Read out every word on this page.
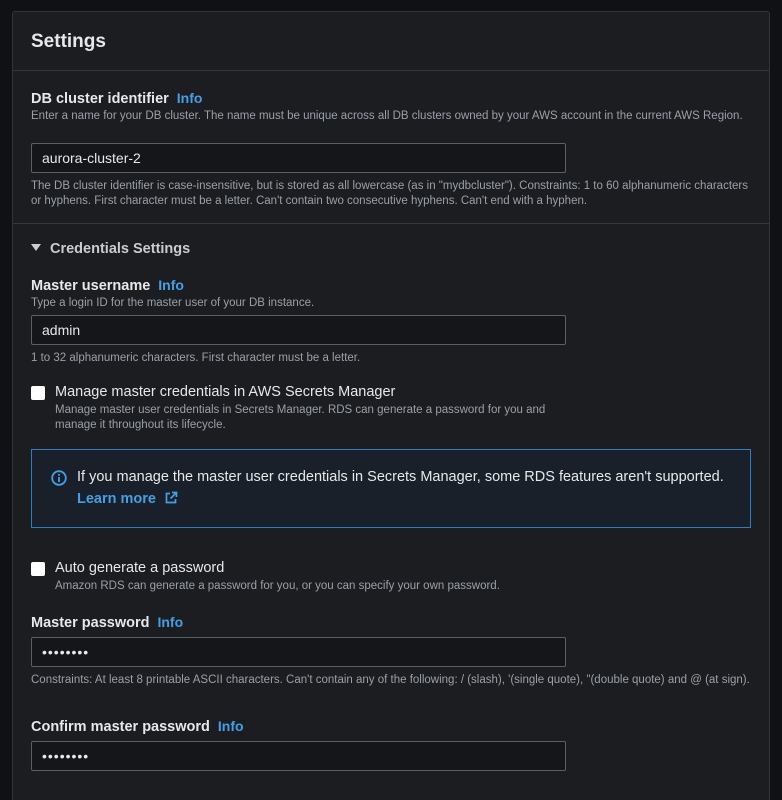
Settings
DB cluster identifier Info
Enter a name for your DB cluster. The name must be unique across all DB clusters owned by your AWS account in the current AWS Region.
aurora-cluster-2
The DB cluster identifier is case-insensitive, but is stored as all lowercase (as in "mydbcluster"). Constraints: 1 to 60 alphanumeric characters or hyphens. First character must be a letter. Can't contain two consecutive hyphens. Can't end with a hyphen.
Credentials Settings
Master username Info
Type a login ID for the master user of your DB instance.
admin
1 to 32 alphanumeric characters. First character must be a letter.
Manage master credentials in AWS Secrets Manager
Manage master user credentials in Secrets Manager. RDS can generate a password for you and manage it throughout its lifecycle.
If you manage the master user credentials in Secrets Manager, some RDS features aren't supported.
Learn more
Auto generate a password
Amazon RDS can generate a password for you, or you can specify your own password.
Master password Info
••••••••
Constraints: At least 8 printable ASCII characters. Can't contain any of the following: / (slash), '(single quote), "(double quote) and @ (at sign).
Confirm master password Info
••••••••
